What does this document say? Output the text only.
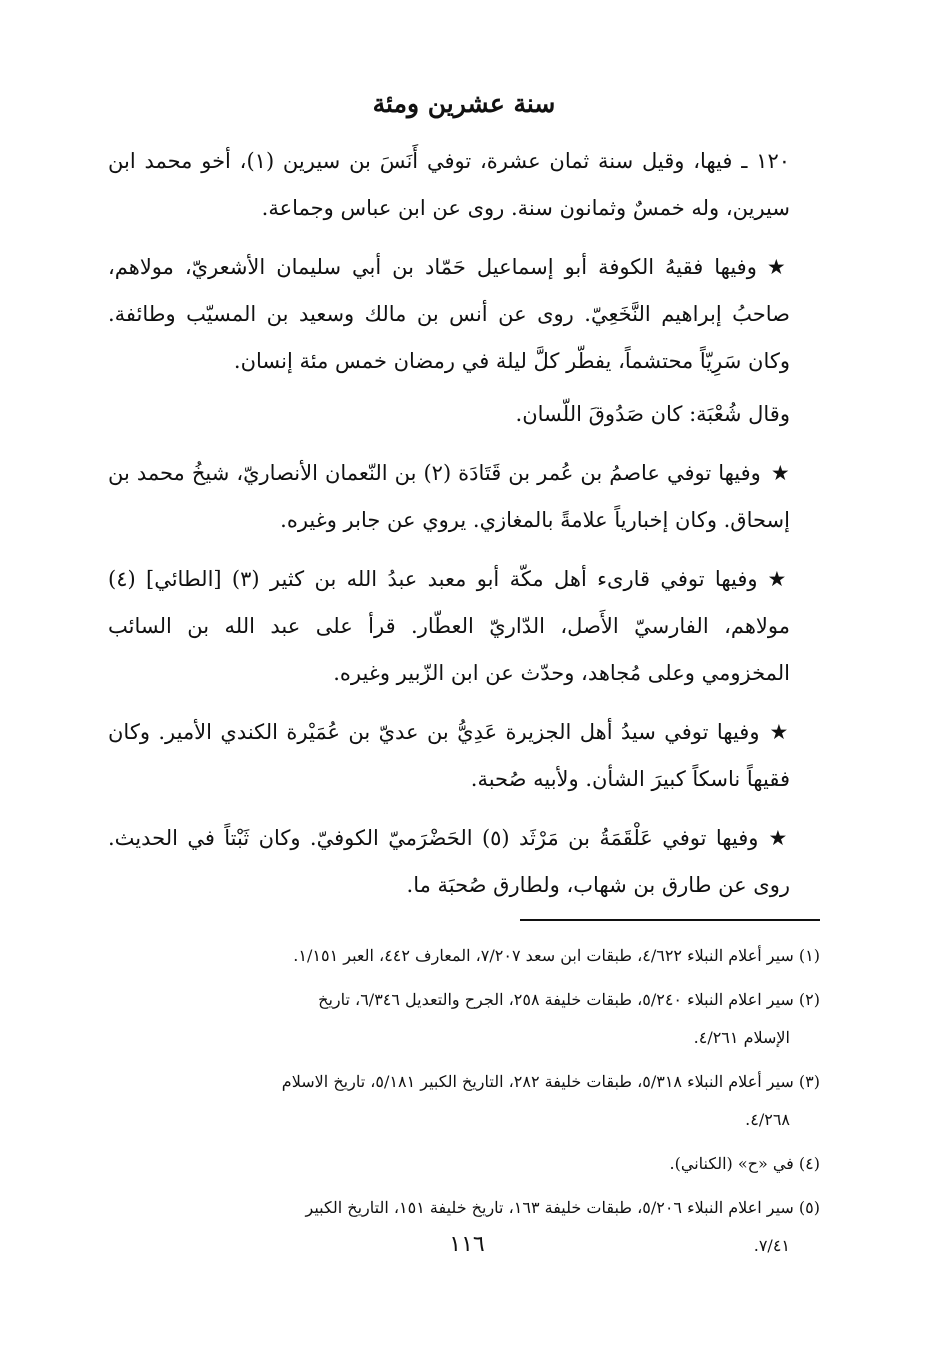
سنة عشرين ومئة

١٢٠ ـ فيها، وقيل سنة ثمان عشرة، توفي أَنَسَ بن سيرين (١)، أخو محمد ابن سيرين، وله خمسٌ وثمانون سنة. روى عن ابن عباس وجماعة.

★وفيها فقيهُ الكوفة أبو إسماعيل حَمّاد بن أبي سليمان الأشعريّ، مولاهم، صاحبُ إبراهيم النَّخَعِيّ. روى عن أنس بن مالك وسعيد بن المسيّب وطائفة. وكان سَرِيّاً محتشماً، يفطّر كلَّ ليلة في رمضان خمس مئة إنسان.

وقال شُعْبَة: كان صَدُوقَ اللّسان.

★وفيها توفي عاصمُ بن عُمر بن قَتَادَة (٢) بن النّعمان الأنصاريّ، شيخُ محمد بن إسحاق. وكان إخبارياً علامةً بالمغازي. يروي عن جابر وغيره.

★وفيها توفي قارىء أهل مكّة أبو معبد عبدُ الله بن كثير (٣) [الطائي] (٤) مولاهم، الفارسيّ الأَصل، الدّاريّ العطّار. قرأ على عبد الله بن السائب المخزومي وعلى مُجاهد، وحدّث عن ابن الزّبير وغيره.

★وفيها توفي سيدُ أهل الجزيرة عَدِيُّ بن عديّ بن عُمَيْرة الكندي الأمير. وكان فقيهاً ناسكاً كبيرَ الشأن. ولأبيه صُحبة.

★وفيها توفي عَلْقَمَةُ بن مَرْثَد (٥) الحَضْرَميّ الكوفيّ. وكان ثَبْتاً في الحديث. روى عن طارق بن شهاب، ولطارق صُحبَة ما.

(١) سير أعلام النبلاء ٤/٦٢٢، طبقات ابن سعد ٧/٢٠٧، المعارف ٤٤٢، العبر ١/١٥١.

(٢) سير اعلام النبلاء ٥/٢٤٠، طبقات خليفة ٢٥٨، الجرح والتعديل ٦/٣٤٦، تاريخ
الإسلام ٤/٢٦١.

(٣) سير أعلام النبلاء ٥/٣١٨، طبقات خليفة ٢٨٢، التاريخ الكبير ٥/١٨١، تاريخ الاسلام
٤/٢٦٨.

(٤) في «ح» (الكناني).

(٥) سير اعلام النبلاء ٥/٢٠٦، طبقات خليفة ١٦٣، تاريخ خليفة ١٥١، التاريخ الكبير
٧/٤١.

١١٦
